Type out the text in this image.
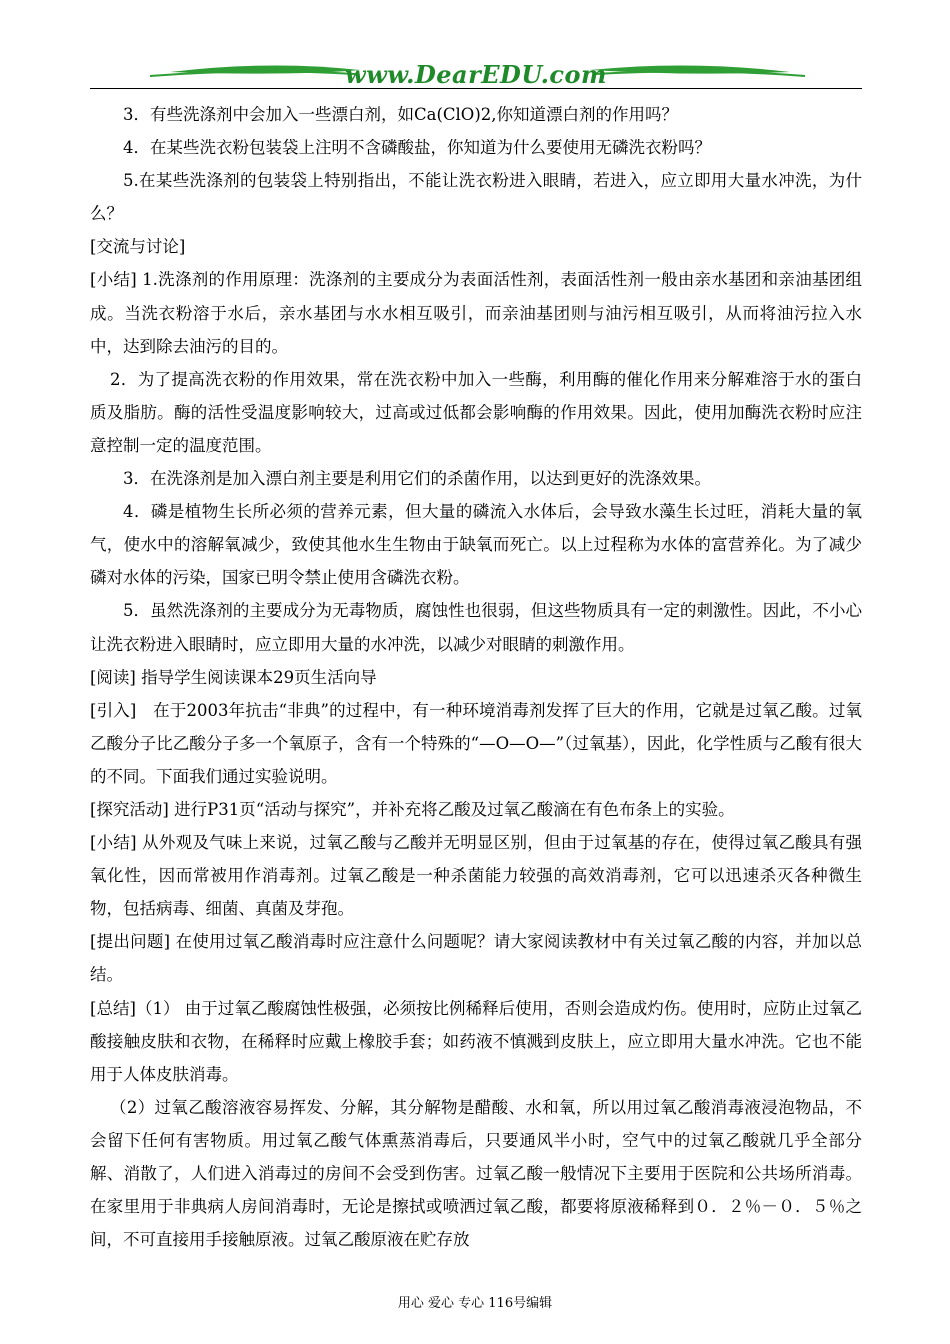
www.DearEDU.com

3．有些洗涤剂中会加入一些漂白剂，如Ca(ClO)2,你知道漂白剂的作用吗？

4．在某些洗衣粉包装袋上注明不含磷酸盐，你知道为什么要使用无磷洗衣粉吗？

5.在某些洗涤剂的包装袋上特别指出，不能让洗衣粉进入眼睛，若进入，应立即用大量水冲洗，为什么？

[交流与讨论]

[小结] 1.洗涤剂的作用原理：洗涤剂的主要成分为表面活性剂，表面活性剂一般由亲水基团和亲油基团组成。当洗衣粉溶于水后，亲水基团与水水相互吸引，而亲油基团则与油污相互吸引，从而将油污拉入水中，达到除去油污的目的。

2．为了提高洗衣粉的作用效果，常在洗衣粉中加入一些酶，利用酶的催化作用来分解难溶于水的蛋白质及脂肪。酶的活性受温度影响较大，过高或过低都会影响酶的作用效果。因此，使用加酶洗衣粉时应注意控制一定的温度范围。

3．在洗涤剂是加入漂白剂主要是利用它们的杀菌作用，以达到更好的洗涤效果。

4．磷是植物生长所必须的营养元素，但大量的磷流入水体后，会导致水藻生长过旺，消耗大量的氧气，使水中的溶解氧减少，致使其他水生生物由于缺氧而死亡。以上过程称为水体的富营养化。为了减少磷对水体的污染，国家已明令禁止使用含磷洗衣粉。

5．虽然洗涤剂的主要成分为无毒物质，腐蚀性也很弱，但这些物质具有一定的刺激性。因此，不小心让洗衣粉进入眼睛时，应立即用大量的水冲洗，以减少对眼睛的刺激作用。

[阅读] 指导学生阅读课本29页生活向导

[引入]　在于2003年抗击“非典”的过程中，有一种环境消毒剂发挥了巨大的作用，它就是过氧乙酸。过氧乙酸分子比乙酸分子多一个氧原子，含有一个特殊的“—O—O—”（过氧基），因此，化学性质与乙酸有很大的不同。下面我们通过实验说明。

[探究活动] 进行P31页“活动与探究”，并补充将乙酸及过氧乙酸滴在有色布条上的实验。

[小结] 从外观及气味上来说，过氧乙酸与乙酸并无明显区别，但由于过氧基的存在，使得过氧乙酸具有强氧化性，因而常被用作消毒剂。过氧乙酸是一种杀菌能力较强的高效消毒剂，它可以迅速杀灭各种微生物，包括病毒、细菌、真菌及芽孢。

[提出问题] 在使用过氧乙酸消毒时应注意什么问题呢？请大家阅读教材中有关过氧乙酸的内容，并加以总结。

[总结]（1） 由于过氧乙酸腐蚀性极强，必须按比例稀释后使用，否则会造成灼伤。使用时，应防止过氧乙酸接触皮肤和衣物，在稀释时应戴上橡胶手套；如药液不慎溅到皮肤上，应立即用大量水冲洗。它也不能用于人体皮肤消毒。

（2）过氧乙酸溶液容易挥发、分解，其分解物是醋酸、水和氧，所以用过氧乙酸消毒液浸泡物品，不会留下任何有害物质。用过氧乙酸气体熏蒸消毒后，只要通风半小时，空气中的过氧乙酸就几乎全部分解、消散了，人们进入消毒过的房间不会受到伤害。过氧乙酸一般情况下主要用于医院和公共场所消毒。在家里用于非典病人房间消毒时，无论是擦拭或喷洒过氧乙酸，都要将原液稀释到０．２％－０．５％之间，不可直接用手接触原液。过氧乙酸原液在贮存放

用心 爱心 专心 116号编辑
